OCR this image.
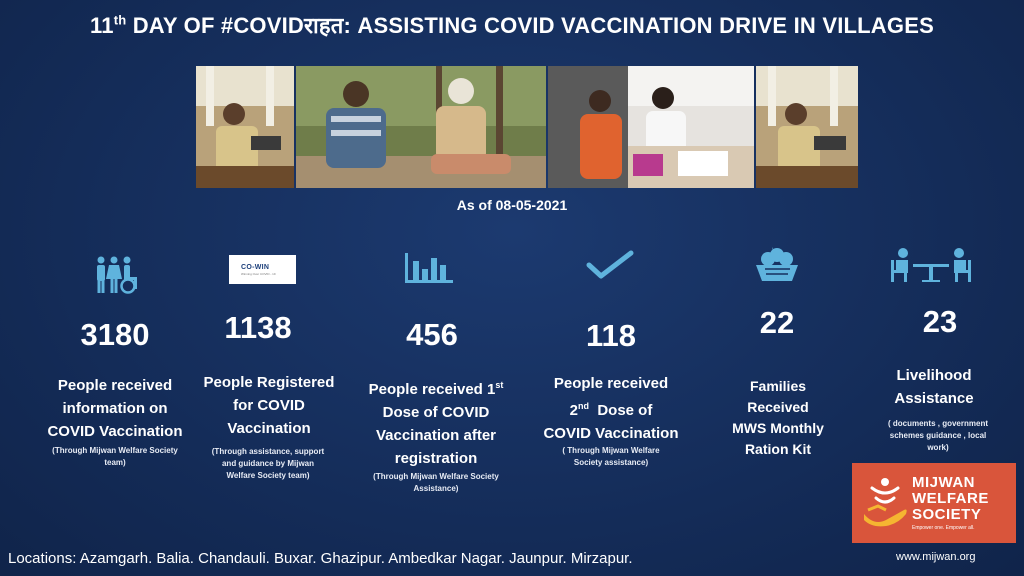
11th DAY OF #COVIDराहत: ASSISTING COVID VACCINATION DRIVE IN VILLAGES
As of 08-05-2021
3180
People received
information on
COVID Vaccination
(Through Mijwan Welfare Society
team)
CO-WIN
Winning Over COVID - 19
1138
People Registered
for COVID
Vaccination
(Through assistance, support
and guidance by Mijwan
Welfare Society team)
456
People received 1st
Dose of COVID
Vaccination after
registration
(Through Mijwan Welfare Society
Assistance)
118
People received
2nd  Dose of
COVID Vaccination
( Through Mijwan Welfare
Society assistance)
22
Families Received
MWS Monthly
Ration Kit
23
Livelihood
Assistance
( documents , government
schemes guidance , local
work)
MIJWAN
WELFARE
SOCIETY
Empower one. Empower all.
Locations: Azamgarh. Balia. Chandauli. Buxar. Ghazipur. Ambedkar Nagar. Jaunpur. Mirzapur.	www.mijwan.org
